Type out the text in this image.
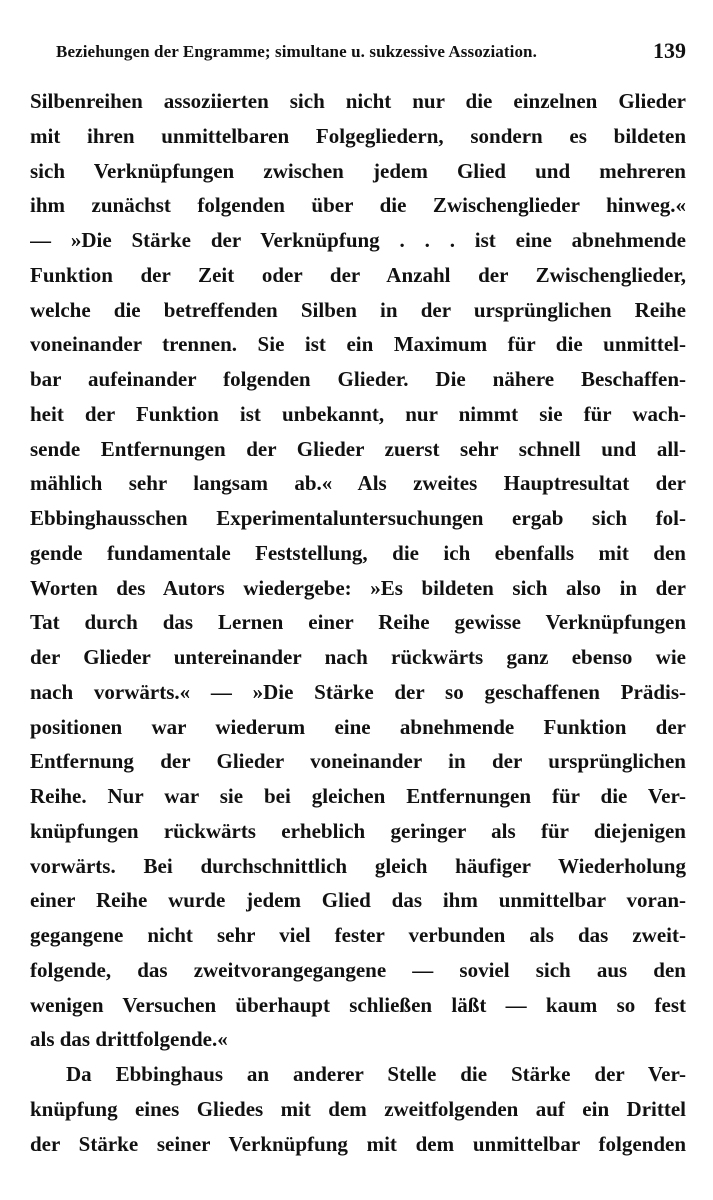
Beziehungen der Engramme; simultane u. sukzessive Assoziation.	139
Silbenreihen assoziierten sich nicht nur die einzelnen Glieder
mit ihren unmittelbaren Folgegliedern, sondern es bildeten
sich Verknüpfungen zwischen jedem Glied und mehreren
ihm zunächst folgenden über die Zwischenglieder hinweg.«
— »Die Stärke der Verknüpfung . . . ist eine abnehmende
Funktion der Zeit oder der Anzahl der Zwischenglieder,
welche die betreffenden Silben in der ursprünglichen Reihe
voneinander trennen. Sie ist ein Maximum für die unmittel-
bar aufeinander folgenden Glieder. Die nähere Beschaffen-
heit der Funktion ist unbekannt, nur nimmt sie für wach-
sende Entfernungen der Glieder zuerst sehr schnell und all-
mählich sehr langsam ab.« Als zweites Hauptresultat der
Ebbinghausschen Experimentaluntersuchungen ergab sich fol-
gende fundamentale Feststellung, die ich ebenfalls mit den
Worten des Autors wiedergebe: »Es bildeten sich also in der
Tat durch das Lernen einer Reihe gewisse Verknüpfungen
der Glieder untereinander nach rückwärts ganz ebenso wie
nach vorwärts.« — »Die Stärke der so geschaffenen Prädis-
positionen war wiederum eine abnehmende Funktion der
Entfernung der Glieder voneinander in der ursprünglichen
Reihe. Nur war sie bei gleichen Entfernungen für die Ver-
knüpfungen rückwärts erheblich geringer als für diejenigen
vorwärts. Bei durchschnittlich gleich häufiger Wiederholung
einer Reihe wurde jedem Glied das ihm unmittelbar voran-
gegangene nicht sehr viel fester verbunden als das zweit-
folgende, das zweitvorangegangene — soviel sich aus den
wenigen Versuchen überhaupt schließen läßt — kaum so fest
als das drittfolgende.«
Da Ebbinghaus an anderer Stelle die Stärke der Ver-
knüpfung eines Gliedes mit dem zweitfolgenden auf ein Drittel
der Stärke seiner Verknüpfung mit dem unmittelbar folgenden
